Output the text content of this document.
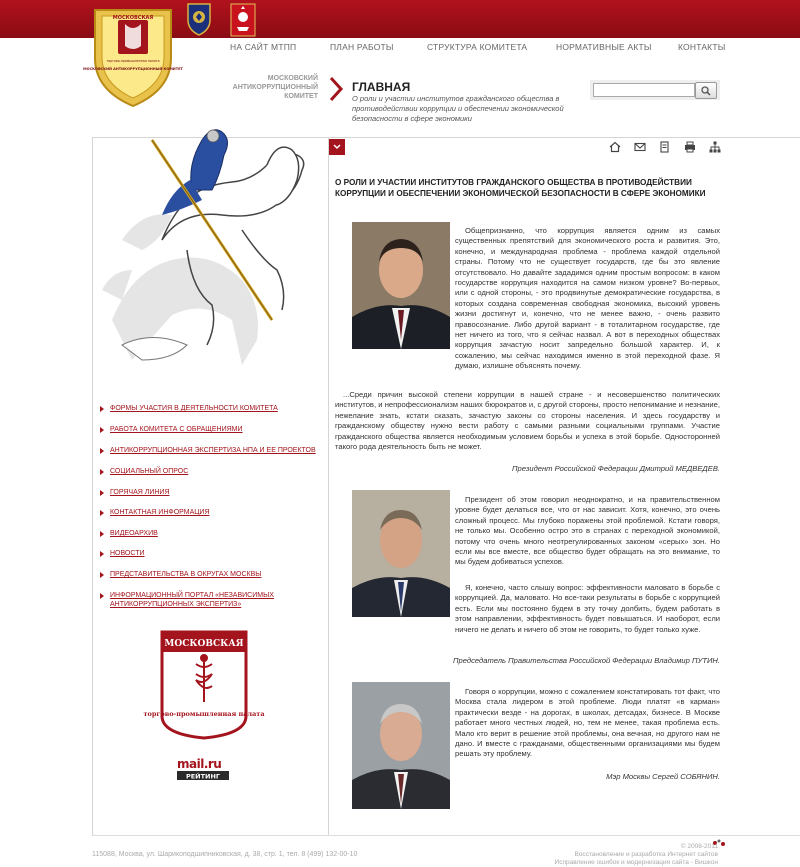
МОСКОВСКАЯ
торгово-промышленная палата
МОСКОВСКИЙ АНТИКОРРУПЦИОННЫЙ КОМИТЕТ
НА САЙТ МТПП	ПЛАН РАБОТЫ	СТРУКТУРА КОМИТЕТА	НОРМАТИВНЫЕ АКТЫ	КОНТАКТЫ
МОСКОВСКИЙ АНТИКОРРУПЦИОННЫЙ КОМИТЕТ
ГЛАВНАЯ
О роли и участии институтов гражданского общества в противодействии коррупции и обеспечении экономической безопасности в сфере экономики
ФОРМЫ УЧАСТИЯ В ДЕЯТЕЛЬНОСТИ КОМИТЕТА
РАБОТА КОМИТЕТА С ОБРАЩЕНИЯМИ
АНТИКОРРУПЦИОННАЯ ЭКСПЕРТИЗА НПА И ЕЕ ПРОЕКТОВ
СОЦИАЛЬНЫЙ ОПРОС
ГОРЯЧАЯ ЛИНИЯ
КОНТАКТНАЯ ИНФОРМАЦИЯ
ВИДЕОАРХИВ
НОВОСТИ
ПРЕДСТАВИТЕЛЬСТВА В ОКРУГАХ МОСКВЫ
ИНФОРМАЦИОННЫЙ ПОРТАЛ «НЕЗАВИСИМЫХ АНТИКОРРУПЦИОННЫХ ЭКСПЕРТИЗ»
МОСКОВСКАЯ
торгово-промышленная палата
mail.ru
РЕЙТИНГ
О РОЛИ И УЧАСТИИ ИНСТИТУТОВ ГРАЖДАНСКОГО ОБЩЕСТВА В ПРОТИВОДЕЙСТВИИ КОРРУПЦИИ И ОБЕСПЕЧЕНИИ ЭКОНОМИЧЕСКОЙ БЕЗОПАСНОСТИ В СФЕРЕ ЭКОНОМИКИ

Общепризнанно, что коррупция является одним из самых существенных препятствий для экономического роста и развития. Это, конечно, и международная проблема - проблема каждой отдельной страны. Потому что не существует государств, где бы это явление отсутствовало. Но давайте зададимся одним простым вопросом: в каком государстве коррупция находится на самом низком уровне? Во-первых, или с одной стороны, - это продвинутые демократические государства, в которых создана современная свободная экономика, высокий уровень жизни достигнут и, конечно, что не менее важно, - очень развито правосознание. Либо другой вариант - в тоталитарном государстве, где нет ничего из того, что я сейчас назвал. А вот в переходных обществах коррупция зачастую носит запредельно большой характер. И, к сожалению, мы сейчас находимся именно в этой переходной фазе. Я думаю, излишне объяснять почему.

...Среди причин высокой степени коррупции в нашей стране - и несовершенство политических институтов, и непрофессионализм наших бюрократов и, с другой стороны, просто непонимание и незнание, нежелание знать, кстати сказать, зачастую законы со стороны населения. И здесь государству и гражданскому обществу нужно вести работу с самыми разными социальными группами. Участие гражданского общества является необходимым условием борьбы и успеха в этой борьбе. Односторонней такого рода деятельность быть не может.

Президент Российской Федерации Дмитрий МЕДВЕДЕВ.

Президент об этом говорил неоднократно, и на правительственном уровне будет делаться все, что от нас зависит. Хотя, конечно, это очень сложный процесс. Мы глубоко поражены этой проблемой. Кстати говоря, не только мы. Особенно остро это в странах с переходной экономикой, потому что очень много неотрегулированных законом «серых» зон. Но если мы все вместе, все общество будет обращать на это внимание, то мы будем добиваться успехов.

Я, конечно, часто слышу вопрос: эффективности маловато в борьбе с коррупцией. Да, маловато. Но все-таки результаты в борьбе с коррупцией есть. Если мы постоянно будем в эту точку долбить, будем работать в этом направлении, эффективность будет повышаться. И наоборот, если ничего не делать и ничего об этом не говорить, то будет только хуже.

Председатель Правительства Российской Федерации Владимир ПУТИН.

Говоря о коррупции, можно с сожалением констатировать тот факт, что Москва стала лидером в этой проблеме. Люди платят «в карман» практически везде - на дорогах, в школах, детсадах, бизнесе. В Москве работает много честных людей, но, тем не менее, такая проблема есть. Мало кто верит в решение этой проблемы, она вечная, но другого нам не дано. И вместе с гражданами, общественными организациями мы будем решать эту проблему.

Мэр Москвы Сергей СОБЯНИН.

115088, Москва, ул. Шарикоподшипниковская, д. 38, стр. 1, тел. 8 (499) 132-00-10
© 2008-2011
Восстановление и разработка Интернет сайтов
Исправление ошибок и модернизация сайта - Вишкон
